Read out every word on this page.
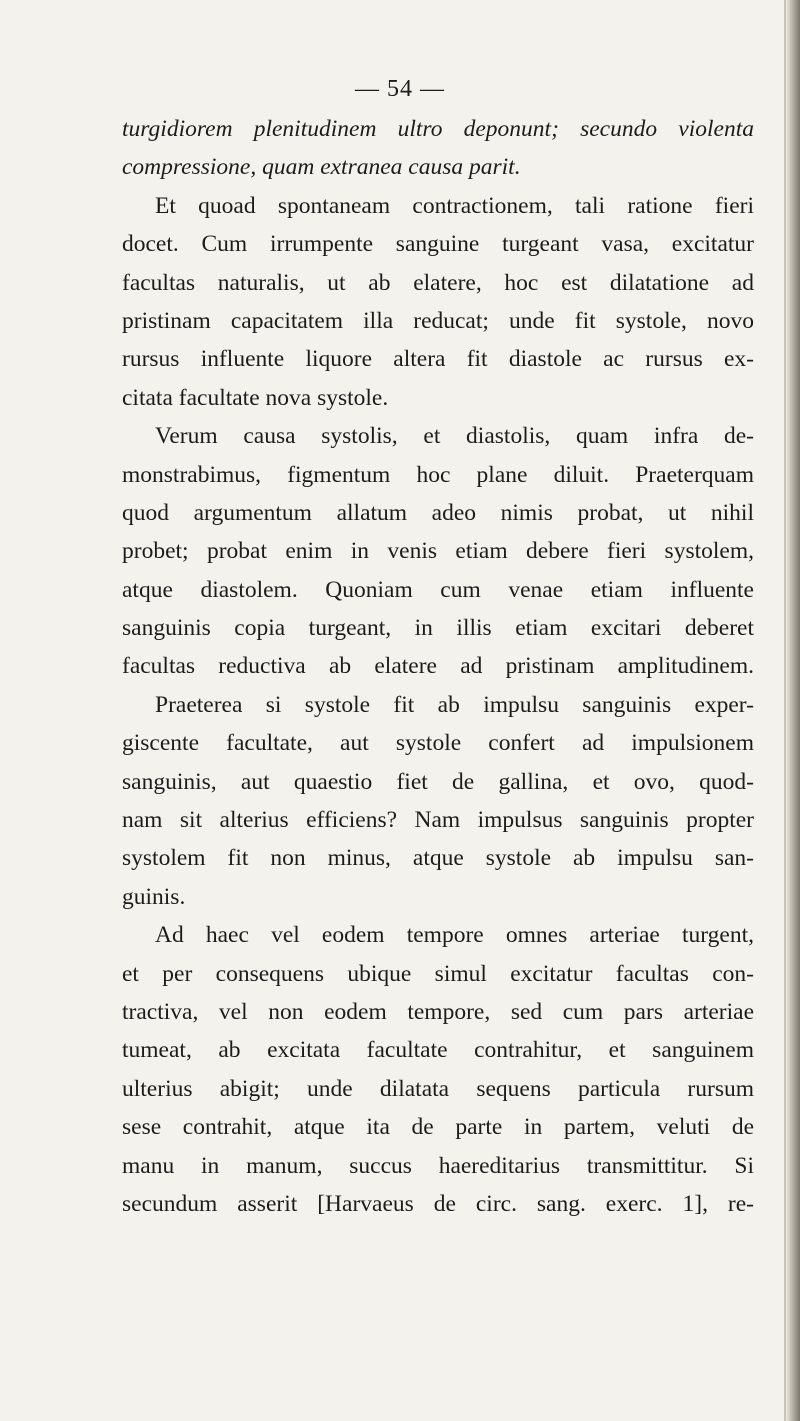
— 54 —
turgidiorem plenitudinem ultro deponunt; secundo violenta
compressione, quam extranea causa parit.
Et quoad spontaneam contractionem, tali ratione fieri
docet. Cum irrumpente sanguine turgeant vasa, excitatur
facultas naturalis, ut ab elatere, hoc est dilatatione ad
pristinam capacitatem illa reducat; unde fit systole, novo
rursus influente liquore altera fit diastole ac rursus ex-
citata facultate nova systole.
Verum causa systolis, et diastolis, quam infra de-
monstrabimus, figmentum hoc plane diluit. Praeterquam
quod argumentum allatum adeo nimis probat, ut nihil
probet; probat enim in venis etiam debere fieri systolem,
atque diastolem. Quoniam cum venae etiam influente
sanguinis copia turgeant, in illis etiam excitari deberet
facultas reductiva ab elatere ad pristinam amplitudinem.
Praeterea si systole fit ab impulsu sanguinis exper-
giscente facultate, aut systole confert ad impulsionem
sanguinis, aut quaestio fiet de gallina, et ovo, quod-
nam sit alterius efficiens? Nam impulsus sanguinis propter
systolem fit non minus, atque systole ab impulsu san-
guinis.
Ad haec vel eodem tempore omnes arteriae turgent,
et per consequens ubique simul excitatur facultas con-
tractiva, vel non eodem tempore, sed cum pars arteriae
tumeat, ab excitata facultate contrahitur, et sanguinem
ulterius abigit; unde dilatata sequens particula rursum
sese contrahit, atque ita de parte in partem, veluti de
manu in manum, succus haereditarius transmittitur. Si
secundum asserit [Harvaeus de circ. sang. exerc. 1], re-
